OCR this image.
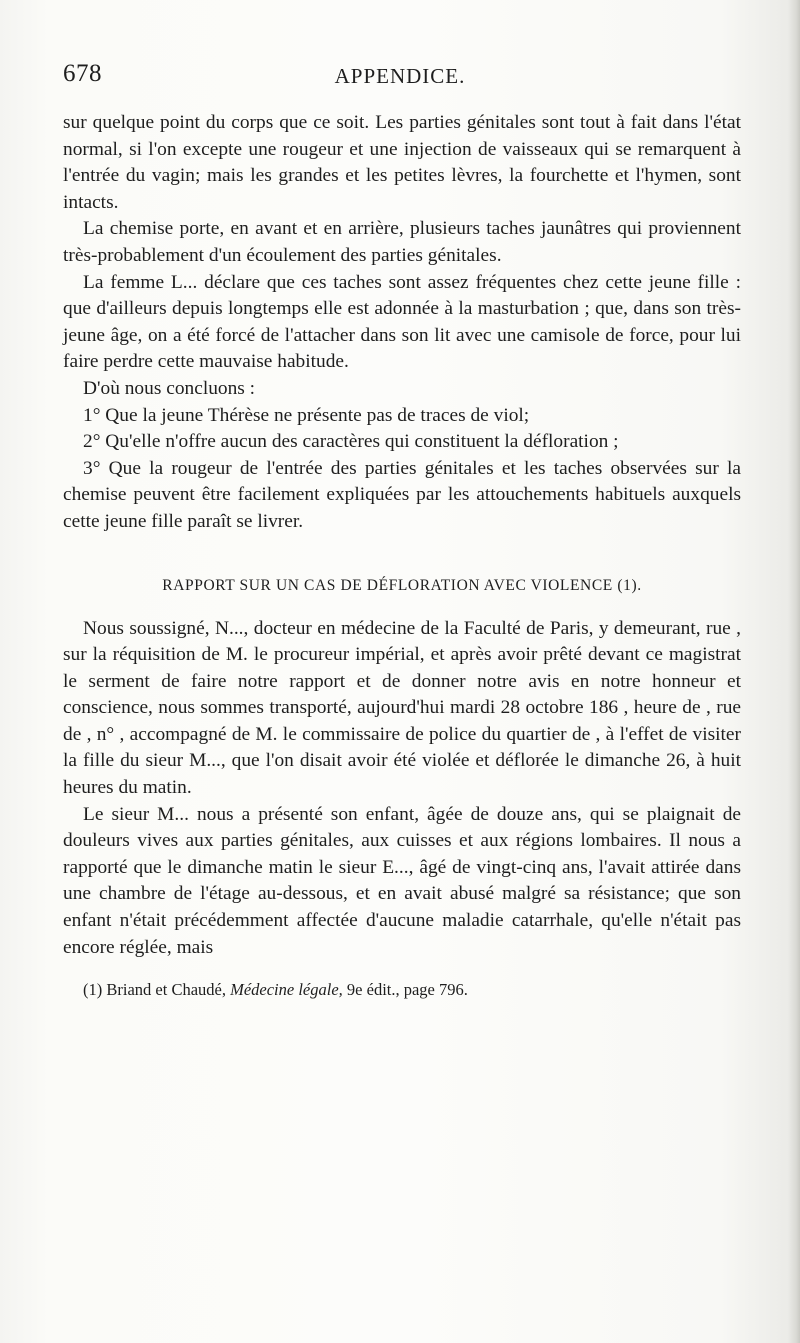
678	APPENDICE.

sur quelque point du corps que ce soit. Les parties génitales sont tout à fait dans l'état normal, si l'on excepte une rougeur et une injection de vaisseaux qui se remarquent à l'entrée du vagin; mais les grandes et les petites lèvres, la fourchette et l'hymen, sont intacts.

La chemise porte, en avant et en arrière, plusieurs taches jaunâtres qui proviennent très-probablement d'un écoulement des parties génitales.

La femme L... déclare que ces taches sont assez fréquentes chez cette jeune fille : que d'ailleurs depuis longtemps elle est adonnée à la masturbation ; que, dans son très-jeune âge, on a été forcé de l'attacher dans son lit avec une camisole de force, pour lui faire perdre cette mauvaise habitude.

D'où nous concluons :

1° Que la jeune Thérèse ne présente pas de traces de viol;

2° Qu'elle n'offre aucun des caractères qui constituent la défloration ;

3° Que la rougeur de l'entrée des parties génitales et les taches observées sur la chemise peuvent être facilement expliquées par les attouchements habituels auxquels cette jeune fille paraît se livrer.

RAPPORT SUR UN CAS DE DÉFLORATION AVEC VIOLENCE (1).

Nous soussigné, N..., docteur en médecine de la Faculté de Paris, y demeurant, rue , sur la réquisition de M. le procureur impérial, et après avoir prêté devant ce magistrat le serment de faire notre rapport et de donner notre avis en notre honneur et conscience, nous sommes transporté, aujourd'hui mardi 28 octobre 186 , heure de , rue de , n° , accompagné de M. le commissaire de police du quartier de , à l'effet de visiter la fille du sieur M..., que l'on disait avoir été violée et déflorée le dimanche 26, à huit heures du matin.

Le sieur M... nous a présenté son enfant, âgée de douze ans, qui se plaignait de douleurs vives aux parties génitales, aux cuisses et aux régions lombaires. Il nous a rapporté que le dimanche matin le sieur E..., âgé de vingt-cinq ans, l'avait attirée dans une chambre de l'étage au-dessous, et en avait abusé malgré sa résistance; que son enfant n'était précédemment affectée d'aucune maladie catarrhale, qu'elle n'était pas encore réglée, mais

(1) Briand et Chaudé, Médecine légale, 9e édit., page 796.
